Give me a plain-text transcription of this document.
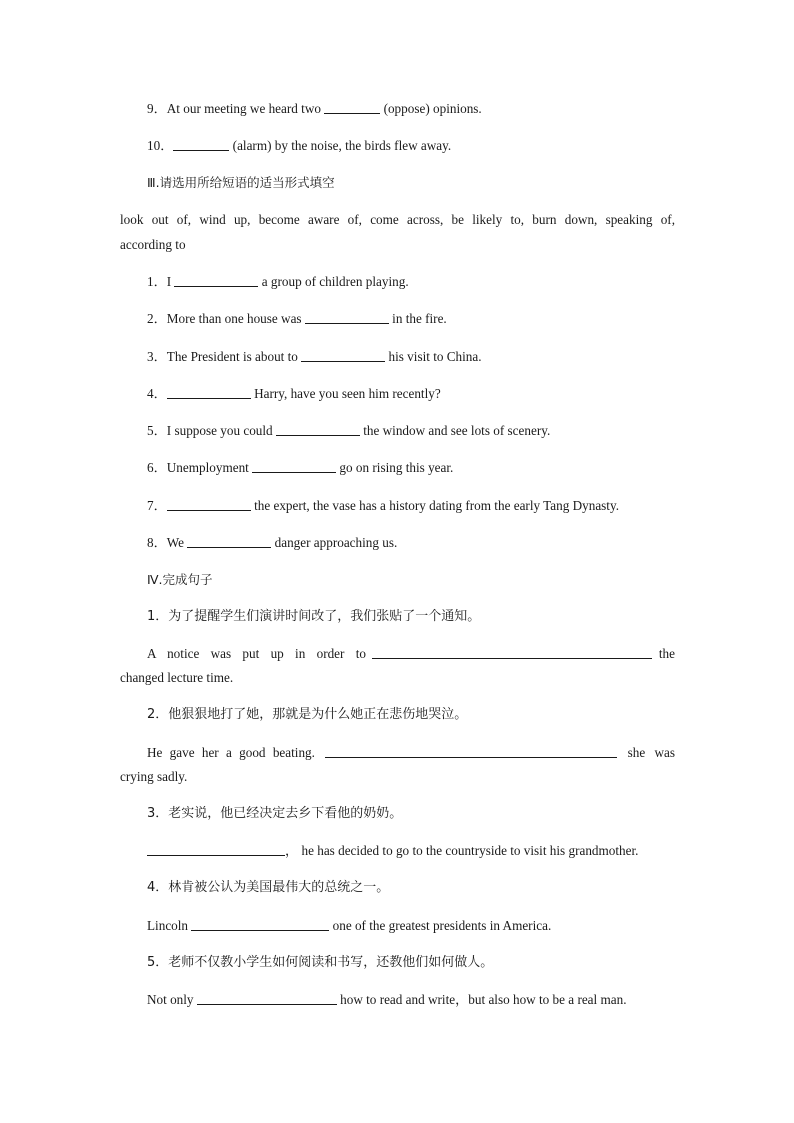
9．At our meeting we heard two	(oppose) opinions.
10．	(alarm) by the noise, the birds flew away.
Ⅲ.请选用所给短语的适当形式填空
look out of, wind up, become aware of, come across, be likely to, burn down, speaking of,
according to
1．I	a group of children playing.
2．More than one house was	in the fire.
3．The President is about to	his visit to China.
4．	Harry, have you seen him recently?
5．I suppose you could	the window and see lots of scenery.
6．Unemployment	go on rising this year.
7．	the expert, the vase has a history dating from the early Tang Dynasty.
8．We	danger approaching us.
Ⅳ.完成句子
1．为了提醒学生们演讲时间改了，我们张贴了一个通知。
A notice was put up in order to	the
changed lecture time.
2．他狠狠地打了她，那就是为什么她正在悲伤地哭泣。
He gave her a good beating.	she was
crying sadly.
3．老实说，他已经决定去乡下看他的奶奶。
， he has decided to go to the countryside to visit his grandmother.
4．林肯被公认为美国最伟大的总统之一。
Lincoln	one of the greatest presidents in America.
5．老师不仅教小学生如何阅读和书写，还教他们如何做人。
Not only	how to read and write，but also how to be a real man.
